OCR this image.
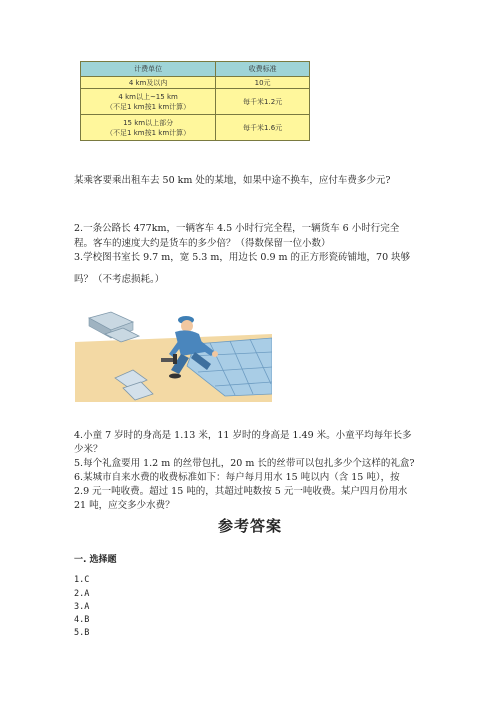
计费单位	收费标准
4 km及以内	10元

4 km以上~15 km
（不足1 km按1 km计算）	每千米1.2元

15 km以上部分
（不足1 km按1 km计算）	每千米1.6元
某乘客要乘出租车去 50 km 处的某地，如果中途不换车，应付车费多少元?
2.一条公路长 477km，一辆客车 4.5 小时行完全程，一辆货车 6 小时行完全
程。客车的速度大约是货车的多少倍？（得数保留一位小数）
3.学校图书室长 9.7 m，宽 5.3 m，用边长 0.9 m 的正方形瓷砖铺地，70 块够
吗？（不考虑损耗。）
4.小童 7 岁时的身高是 1.13 米，11 岁时的身高是 1.49 米。小童平均每年长多
少米？
5.每个礼盒要用 1.2 m 的丝带包扎，20 m 长的丝带可以包扎多少个这样的礼盒?
6.某城市自来水费的收费标准如下：每户每月用水 15 吨以内（含 15 吨），按
2.9 元一吨收费。超过 15 吨的，其超过吨数按 5 元一吨收费。某户四月份用水
21 吨，应交多少水费？
参考答案
一. 选择题
1.C
2.A
3.A
4.B
5.B
